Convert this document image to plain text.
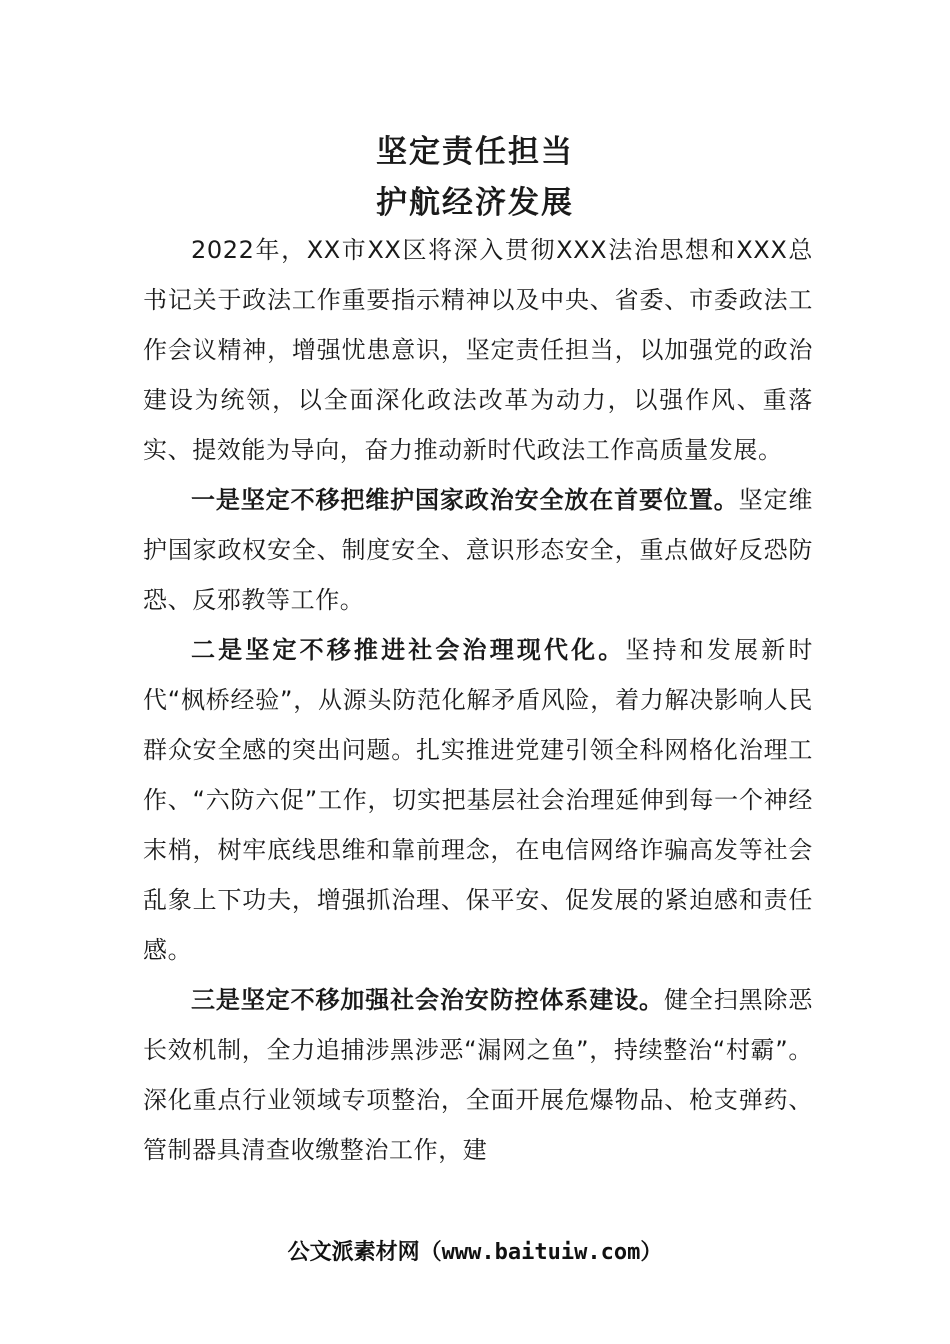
坚定责任担当
护航经济发展

2022年，XX市XX区将深入贯彻XXX法治思想和XXX总书记关于政法工作重要指示精神以及中央、省委、市委政法工作会议精神，增强忧患意识，坚定责任担当，以加强党的政治建设为统领，以全面深化政法改革为动力，以强作风、重落实、提效能为导向，奋力推动新时代政法工作高质量发展。

一是坚定不移把维护国家政治安全放在首要位置。坚定维护国家政权安全、制度安全、意识形态安全，重点做好反恐防恐、反邪教等工作。

二是坚定不移推进社会治理现代化。坚持和发展新时代“枫桥经验”，从源头防范化解矛盾风险，着力解决影响人民群众安全感的突出问题。扎实推进党建引领全科网格化治理工作、“六防六促”工作，切实把基层社会治理延伸到每一个神经末梢，树牢底线思维和靠前理念，在电信网络诈骗高发等社会乱象上下功夫，增强抓治理、保平安、促发展的紧迫感和责任感。

三是坚定不移加强社会治安防控体系建设。健全扫黑除恶长效机制，全力追捕涉黑涉恶“漏网之鱼”，持续整治“村霸”。深化重点行业领域专项整治，全面开展危爆物品、枪支弹药、管制器具清查收缴整治工作，建

公文派素材网（www.baituiw.com）
